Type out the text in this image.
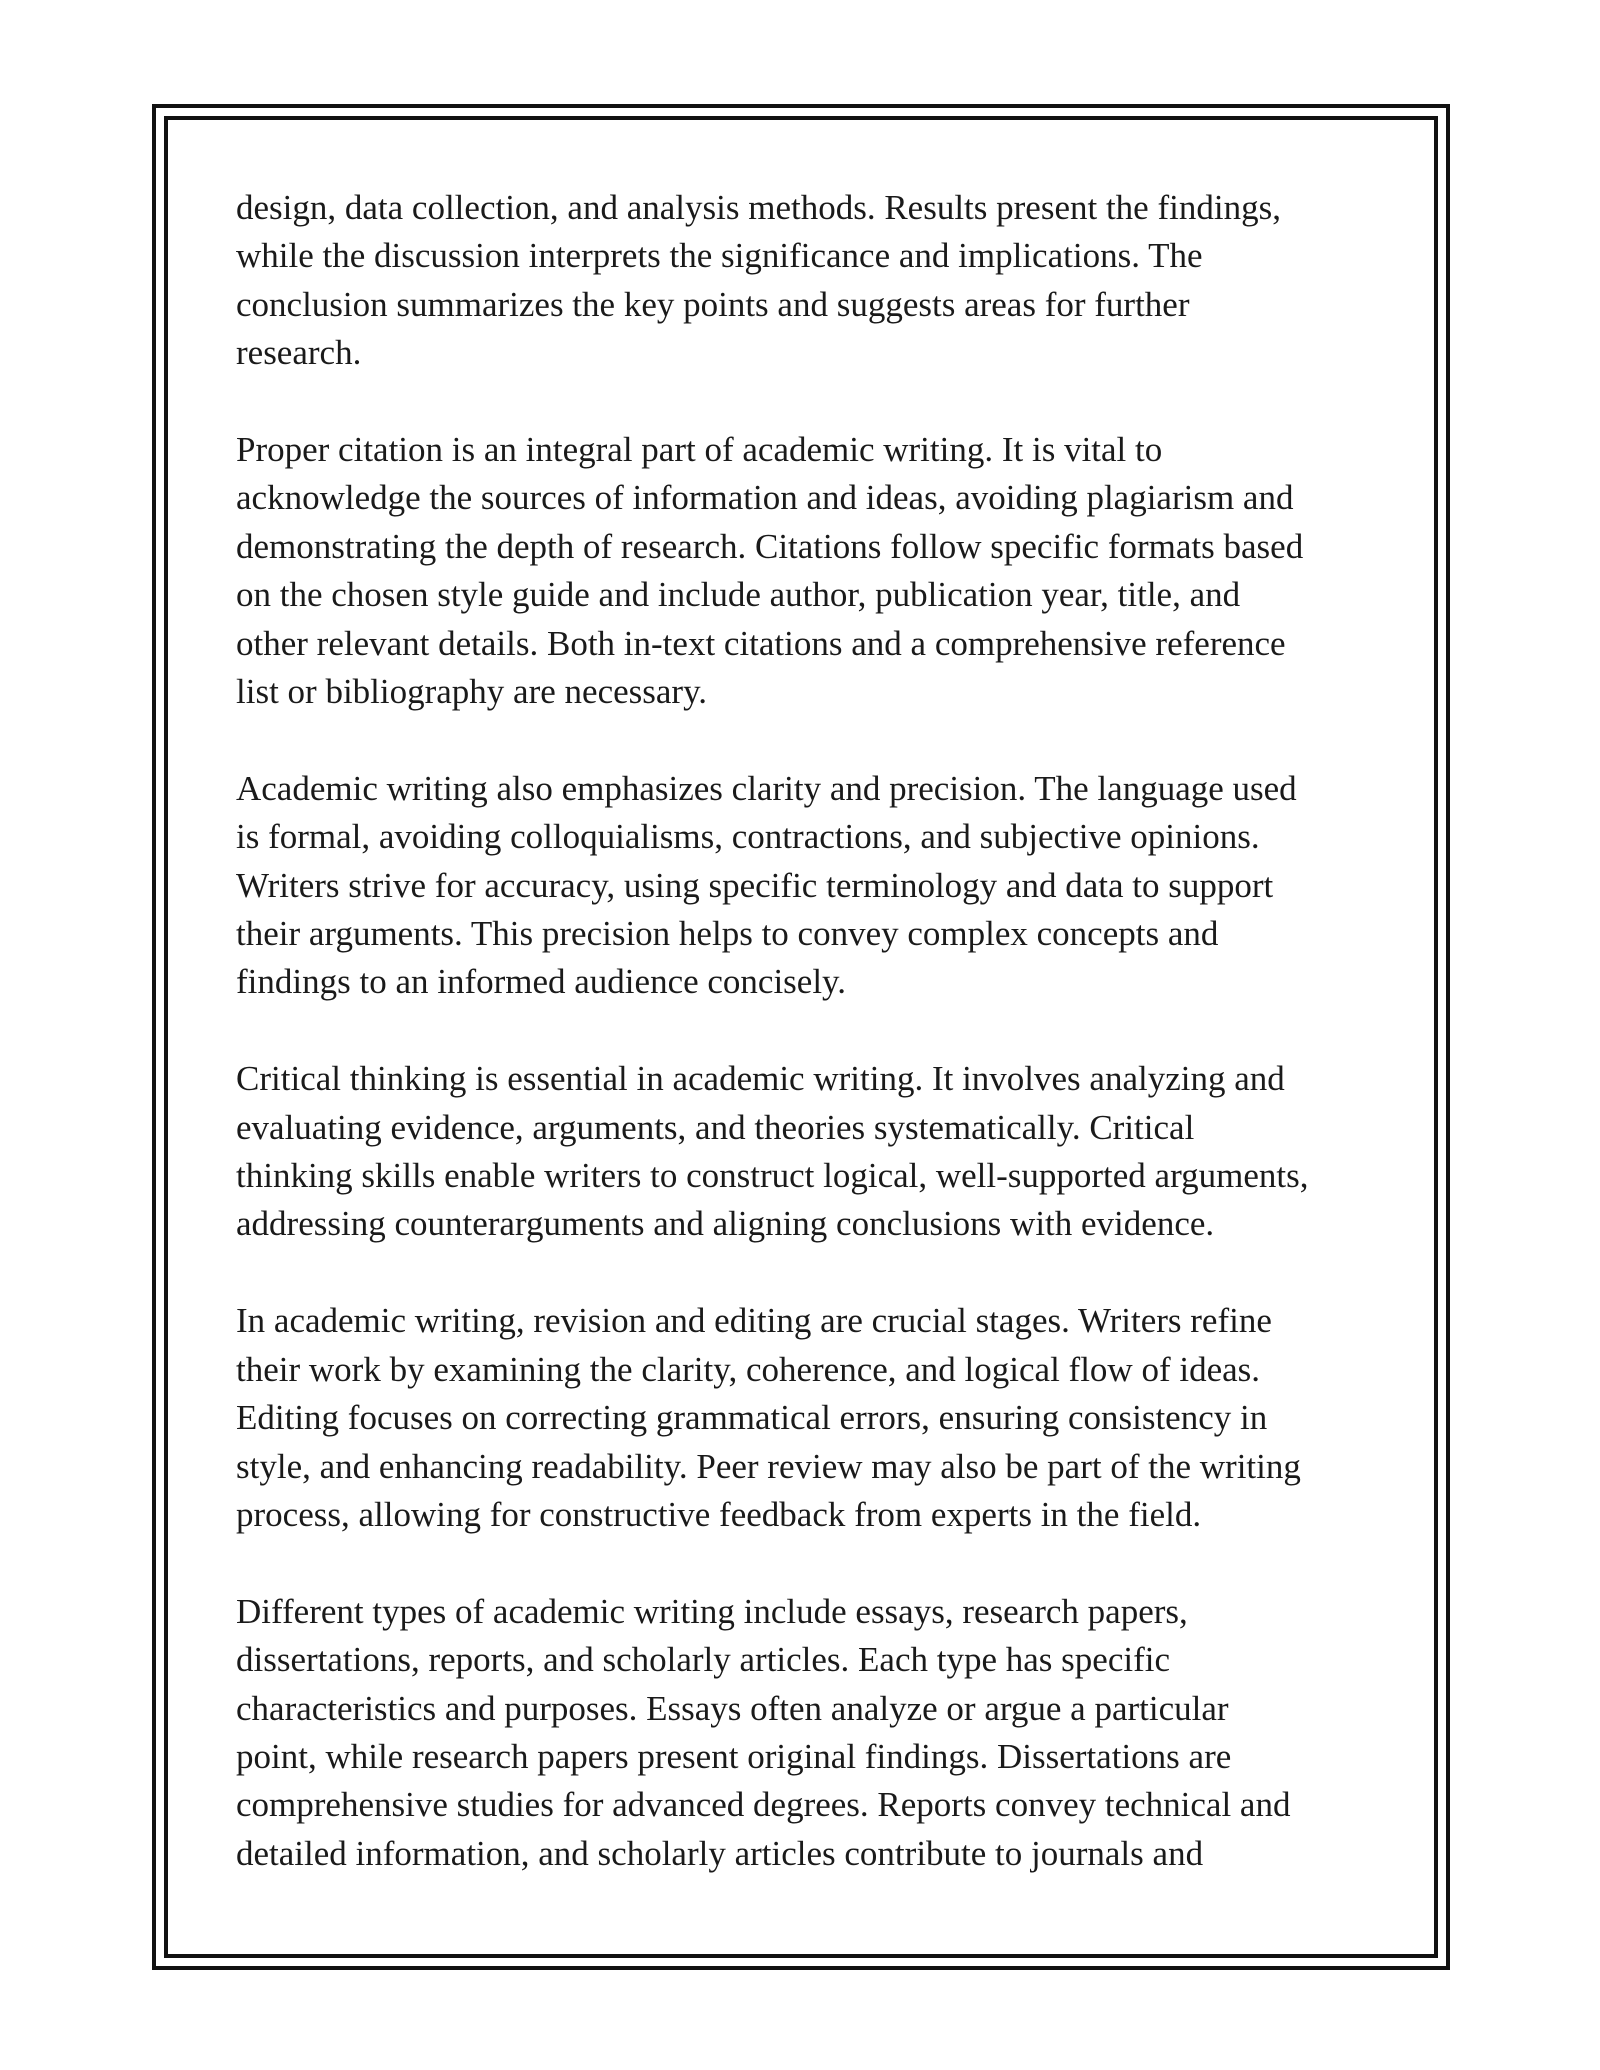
design, data collection, and analysis methods. Results present the findings,
while the discussion interprets the significance and implications. The
conclusion summarizes the key points and suggests areas for further
research.

Proper citation is an integral part of academic writing. It is vital to
acknowledge the sources of information and ideas, avoiding plagiarism and
demonstrating the depth of research. Citations follow specific formats based
on the chosen style guide and include author, publication year, title, and
other relevant details. Both in-text citations and a comprehensive reference
list or bibliography are necessary.

Academic writing also emphasizes clarity and precision. The language used
is formal, avoiding colloquialisms, contractions, and subjective opinions.
Writers strive for accuracy, using specific terminology and data to support
their arguments. This precision helps to convey complex concepts and
findings to an informed audience concisely.

Critical thinking is essential in academic writing. It involves analyzing and
evaluating evidence, arguments, and theories systematically. Critical
thinking skills enable writers to construct logical, well-supported arguments,
addressing counterarguments and aligning conclusions with evidence.

In academic writing, revision and editing are crucial stages. Writers refine
their work by examining the clarity, coherence, and logical flow of ideas.
Editing focuses on correcting grammatical errors, ensuring consistency in
style, and enhancing readability. Peer review may also be part of the writing
process, allowing for constructive feedback from experts in the field.

Different types of academic writing include essays, research papers,
dissertations, reports, and scholarly articles. Each type has specific
characteristics and purposes. Essays often analyze or argue a particular
point, while research papers present original findings. Dissertations are
comprehensive studies for advanced degrees. Reports convey technical and
detailed information, and scholarly articles contribute to journals and
